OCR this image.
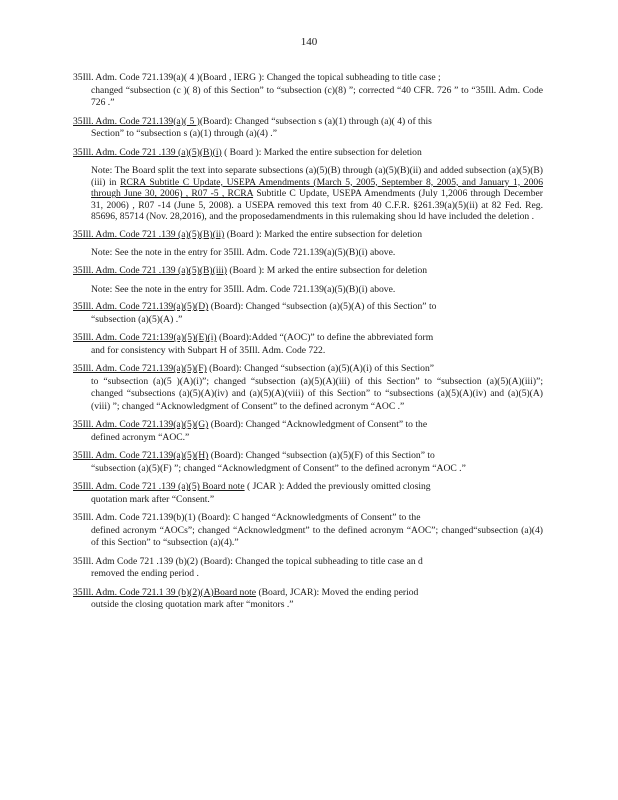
140
35Ill. Adm. Code 721.139(a)( 4 )(Board , IERG ): Changed the topical subheading to title case ;
changed “subsection (c )( 8) of this Section” to “subsection (c)(8) ”; corrected “40 CFR. 726 ” to “35Ill. Adm. Code 726 .”
35Ill. Adm. Code 721.139(a)( 5 )(Board): Changed “subsection s (a)(1) through (a)( 4) of this
Section” to “subsection s (a)(1) through (a)(4) .”
35Ill. Adm. Code 721 .139 (a)(5)(B)(i) ( Board ): Marked the entire subsection for deletion
Note: The Board split the text into separate subsections (a)(5)(B) through (a)(5)(B)(ii) and added subsection (a)(5)(B)(iii) in RCRA Subtitle C Update, USEPA Amendments (March 5, 2005, September 8, 2005, and January 1, 2006 through June 30, 2006) , R07 -5 , RCRA Subtitle C Update, USEPA Amendments (July 1,2006 through December 31, 2006) , R07 -14 (June 5, 2008). a USEPA removed this text from 40 C.F.R. §261.39(a)(5)(ii) at 82 Fed. Reg. 85696, 85714 (Nov. 28,2016), and the proposedamendments in this rulemaking shou ld have included the deletion .
35Ill. Adm. Code 721 .139 (a)(5)(B)(ii) (Board ): Marked the entire subsection for deletion
Note: See the note in the entry for 35Ill. Adm. Code 721.139(a)(5)(B)(i) above.
35Ill. Adm. Code 721 .139 (a)(5)(B)(iii) (Board ): M arked the entire subsection for deletion
Note: See the note in the entry for 35Ill. Adm. Code 721.139(a)(5)(B)(i) above.
35Ill. Adm. Code 721.139(a)(5)(D) (Board): Changed “subsection (a)(5)(A) of this Section” to
“subsection (a)(5)(A) .”
35Ill. Adm. Code 721:139(a)(5)(E)(i) (Board):Added “(AOC)” to define the abbreviated form
and for consistency with Subpart H of 35Ill. Adm. Code 722.
35Ill. Adm. Code 721.139(a)(5)(F) (Board): Changed “subsection (a)(5)(A)(i) of this Section”
to “subsection (a)(5 )(A)(i)”; changed “subsection (a)(5)(A)(iii) of this Section” to “subsection (a)(5)(A)(iii)”; changed “subsections (a)(5)(A)(iv) and (a)(5)(A)(viii) of this Section” to “subsections (a)(5)(A)(iv) and (a)(5)(A)(viii) ”; changed “Acknowledgment of Consent” to the defined acronym “AOC .”
35Ill. Adm. Code 721.139(a)(5)(G) (Board): Changed “Acknowledgment of Consent” to the
defined acronym “AOC.”
35Ill. Adm. Code 721.139(a)(5)(H) (Board): Changed “subsection (a)(5)(F) of this Section” to
“subsection (a)(5)(F) ”; changed “Acknowledgment of Consent” to the defined acronym “AOC .”
35Ill. Adm. Code 721 .139 (a)(5) Board note ( JCAR ): Added the previously omitted closing
quotation mark after “Consent.”
35Ill. Adm. Code 721.139(b)(1) (Board): C hanged “Acknowledgments of Consent” to the
defined acronym “AOCs”; changed “Acknowledgment” to the defined acronym “AOC”; changed“subsection (a)(4) of this Section” to “subsection (a)(4).”
35Ill. Adm Code 721 .139 (b)(2) (Board): Changed the topical subheading to title case an d
removed the ending period .
35Ill. Adm. Code 721.1 39 (b)(2)(A)Board note (Board, JCAR): Moved the ending period
outside the closing quotation mark after “monitors .”
